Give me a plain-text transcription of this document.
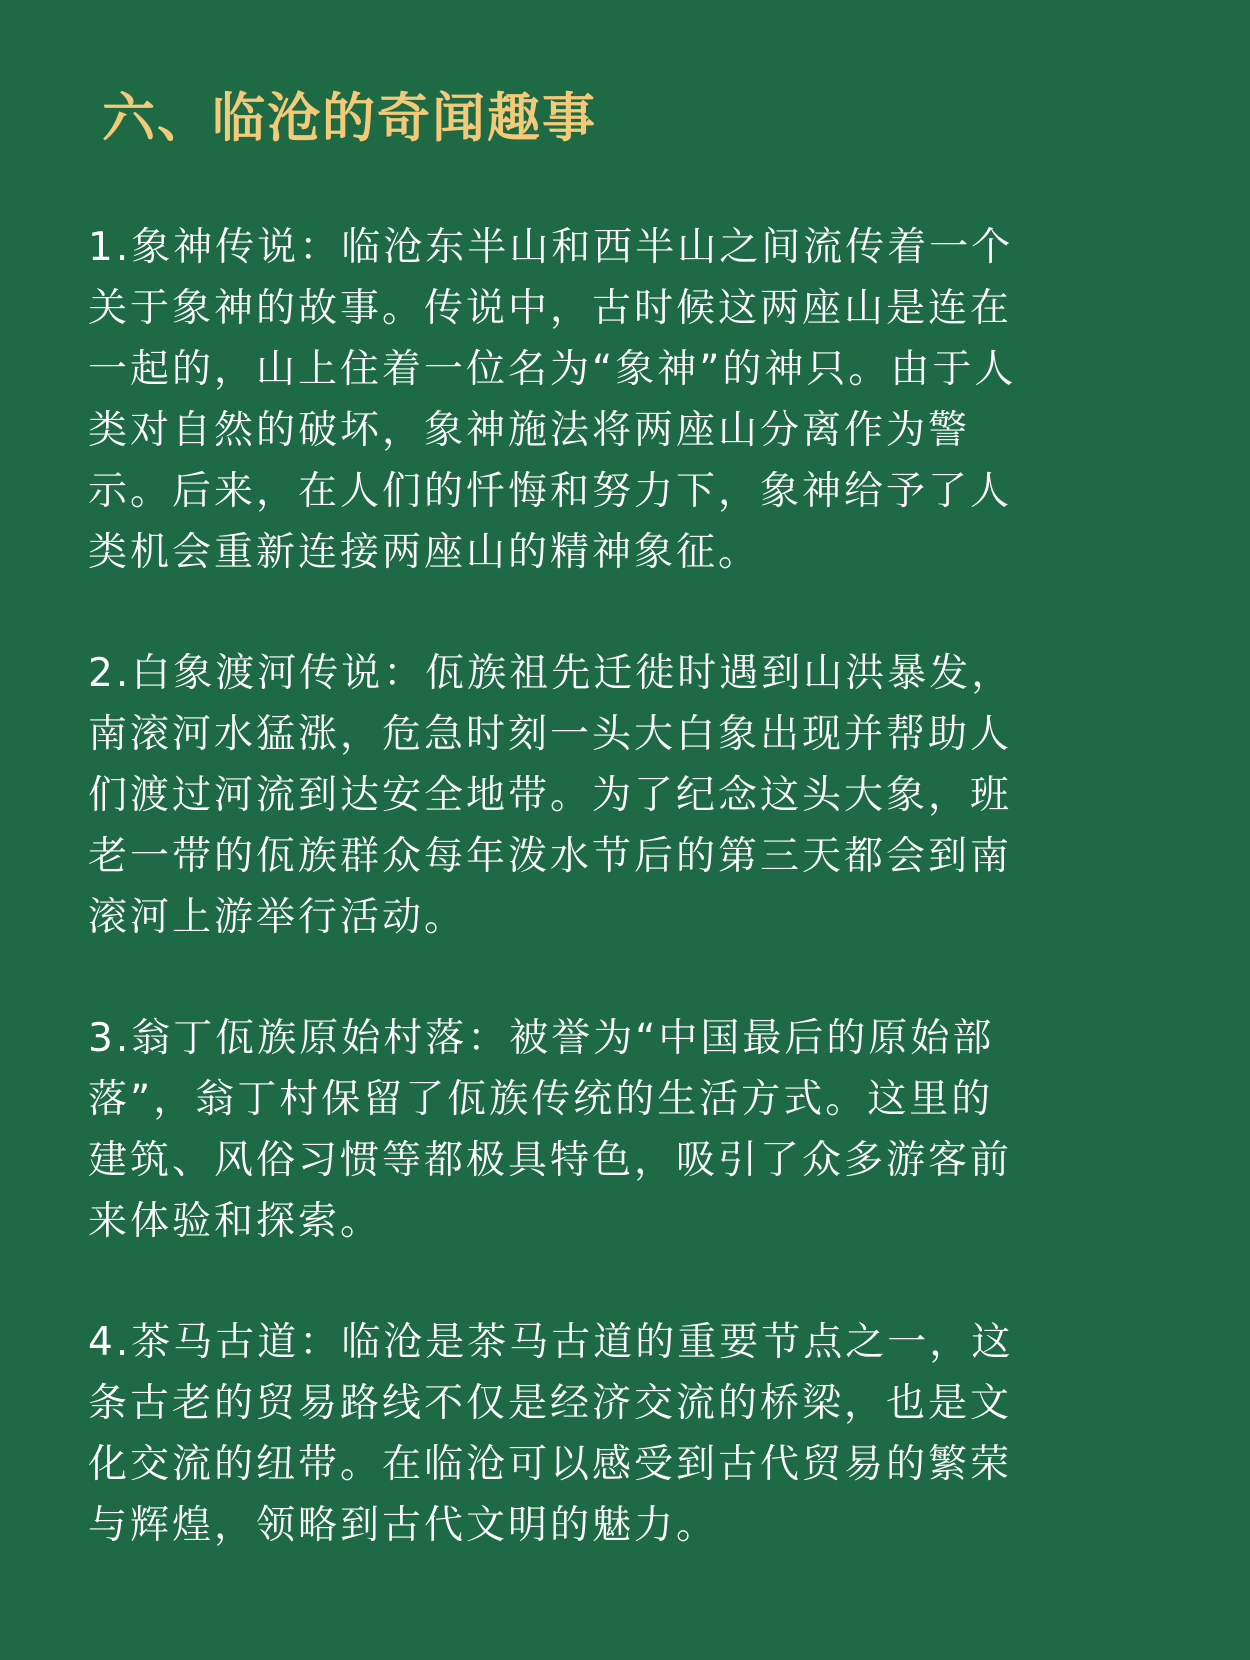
六、临沧的奇闻趣事
1.象神传说：临沧东半山和西半山之间流传着一个
关于象神的故事。传说中，古时候这两座山是连在
一起的，山上住着一位名为“象神”的神只。由于人
类对自然的破坏，象神施法将两座山分离作为警
示。后来，在人们的忏悔和努力下，象神给予了人
类机会重新连接两座山的精神象征。
2.白象渡河传说：佤族祖先迁徙时遇到山洪暴发，
南滚河水猛涨，危急时刻一头大白象出现并帮助人
们渡过河流到达安全地带。为了纪念这头大象，班
老一带的佤族群众每年泼水节后的第三天都会到南
滚河上游举行活动。
3.翁丁佤族原始村落：被誉为“中国最后的原始部
落”，翁丁村保留了佤族传统的生活方式。这里的
建筑、风俗习惯等都极具特色，吸引了众多游客前
来体验和探索。
4.茶马古道：临沧是茶马古道的重要节点之一，这
条古老的贸易路线不仅是经济交流的桥梁，也是文
化交流的纽带。在临沧可以感受到古代贸易的繁荣
与辉煌，领略到古代文明的魅力。
